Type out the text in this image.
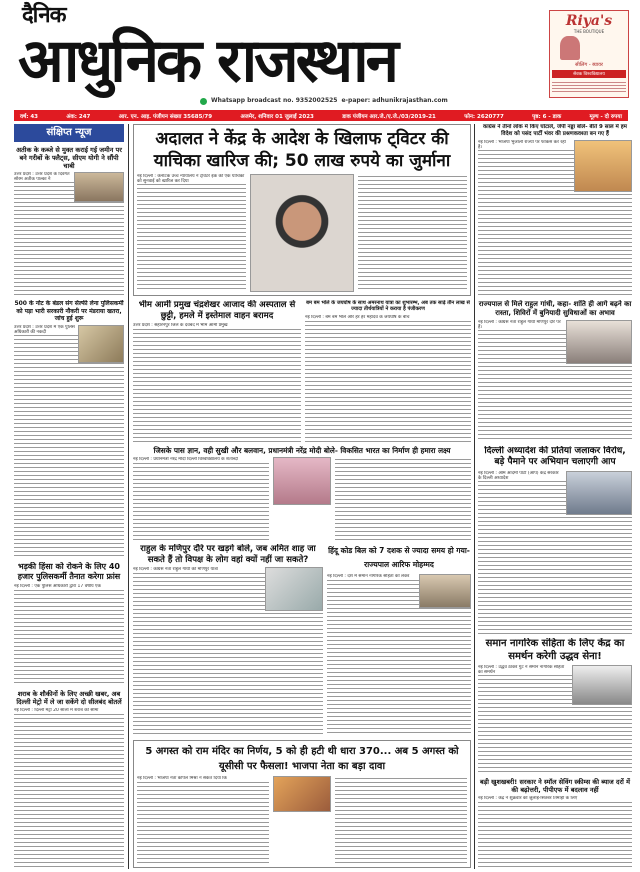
दैनिक
आधुनिक राजस्थान
Whatsapp broadcast no. 9352002525 e-paper: adhunikrajasthan.com
Riya's
THE BOUTIQUE
सीलिंग - ब्यावर
सेवक विश्वविद्यालय
वर्ष: 43	अंक: 247	आर. एन. आइ. पंजीयन संख्या 35685/79	अजमेर, शनिवार 01 जुलाई 2023	डाक पंजीयन आर.जे./ए.जे./03/2019-21	फोन: 2620777	पृष्ठ: 6 - डाक	मूल्य - दो रुपया
संक्षिप्त न्यूज
अतीक के कब्जे से मुक्त कराई गई जमीन पर बने गरीबों के फ्लैट्स, सीएम योगी ने सौंपी चाबी
उत्तर प्रदेश : उत्तर प्रदेश के दिवंगत सोरम अतीक पाल्का ने
500 के नोट के बंडल संग सेल्फी लेना पुलिसकर्मी को पड़ा भारी सरकारी नौकरी पर मंडराया खतरा, जांच हुई शुरू
उत्तर प्रदेश : उत्तर प्रदेश में एक पुलिस अधिकारी की नकदी
भड़की हिंसा को रोकने के लिए 40 हजार पुलिसकर्मी तैनात करेगा फ्रांस
नई दिल्ली : एक पुलिस अधिकारी द्वारा 17 वर्षीय एक
शराब के शौकीनों के लिए अच्छी खबर, अब दिल्ली मेट्रो में ले जा सकेंगे दो सीलबंद बोतलें
नई दिल्ली : दिल्ली मेट्रो 20 सालों में शराब की सीमा
अदालत ने केंद्र के आदेश के खिलाफ ट्विटर की याचिका खारिज की; 50 लाख रुपये का जुर्माना
नई दिल्ली : कर्नाटक उच्च न्यायालय ने ट्विटर इंक की एक याचिका को सुनवाई को खारिज कर दिया
भीम आर्मी प्रमुख चंद्रशेखर आजाद की अस्पताल से छुट्टी, हमले में इस्तेमाल वाहन बरामद
उत्तर प्रदेश : सहारनपुर जिले के देवबंद में भीम आर्मी प्रमुख
बम बम भोले के जयघोष के साथ अमरनाथ यात्रा का शुभारम्भ, अब तक साढ़े तीन लाख से ज्यादा तीर्थयात्रियों ने कराया है पंजीकरण
नई दिल्ली : बम बम भोले और हर हर महादेव के जयघोष के बीच
जिसके पास ज्ञान, वही सुखी और बलवान, प्रधानमंत्री नरेंद्र मोदी बोले- विकसित भारत का निर्माण ही हमारा लक्ष्य
नई दिल्ली : प्रधानमंत्री नरेंद्र मोदी दिल्ली विश्वविद्यालय के शताब्दी
राहुल के मणिपुर दौरे पर खड़गे बोले, जब अमित शाह जा सकते हैं तो विपक्ष के लोग वहां क्यों नहीं जा सकते?
नई दिल्ली : कांग्रेस नेता राहुल गांधी की मणिपुर यात्रा
हिंदू कोड बिल को 7 दशक से ज्यादा समय हो गया- राज्यपाल आरिफ मोहम्मद
नई दिल्ली : देश में समान नागरिक संहिता को लेकर
5 अगस्त को राम मंदिर का निर्णय, 5 को ही हटी थी धारा 370... अब 5 अगस्त को यूसीसी पर फैसला! भाजपा नेता का बड़ा दावा
नई दिल्ली : भाजपा नेता कपिल मिश्रा ने संकेत दिया कि
कांग्रेस ने तीनों लोक में किए घोटाले, जेपी नड्डा बोले- बीते 9 साल में हम विदेश को पसंद पार्टी भंवर की प्रश्रणकवश्ता बन गए हैं
नई दिल्ली : भाजपा भुजाली राज्यों पर फोकस कर रही है।
राज्यपाल से मिले राहुल गांधी, कहा- शांति ही आगे बढ़ने का रास्ता, शिविरों में बुनियादी सुविधाओं का अभाव
नई दिल्ली : कांग्रेस नेता राहुल गांधी मणिपुर दौरे पर हैं।
दिल्ली अध्यादेश की प्रतियां जलाकर विरोध, बड़े पैमाने पर अभियान चलाएगी आप
नई दिल्ली : आम आदमी पार्टी (आप) केंद्र सरकार के दिल्ली अध्यादेश
समान नागरिक संहिता के लिए केंद्र का समर्थन करेगी उद्धव सेना!
नई दिल्ली : उद्धव ठाकरे गुट ने समान नागरिक संहिता का समर्थन
बड़ी खुशखबरी! सरकार ने स्मॉल सेविंग स्कीम्स की ब्याज दरों में की बढ़ोत्तरी, पीपीएफ में बदलाव नहीं
नई दिल्ली : केंद्र ने शुक्रवार को जुलाई-सितंबर तिमाही के लिए
